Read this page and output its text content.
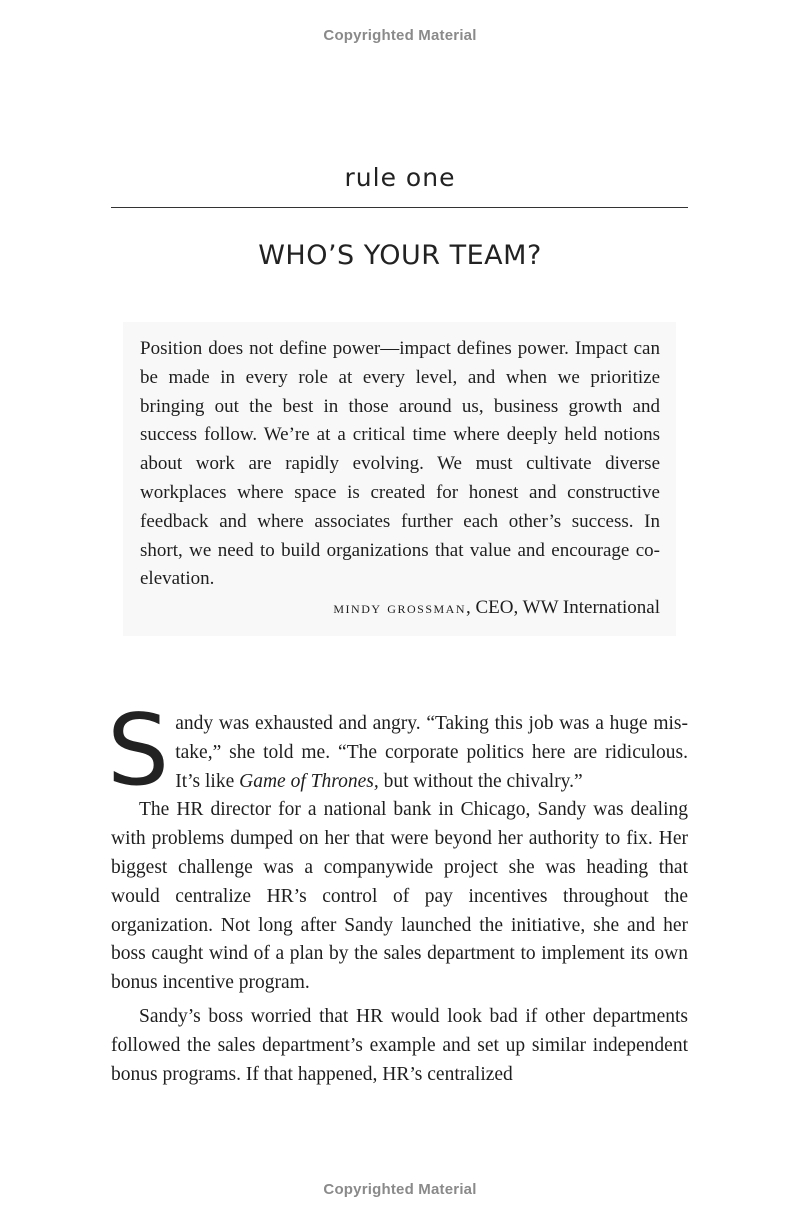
Copyrighted Material
rule one
WHO’S YOUR TEAM?

Position does not define power—impact defines power. Impact can be made in every role at every level, and when we prioritize bringing out the best in those around us, business growth and success follow. We’re at a critical time where deeply held notions about work are rapidly evolving. We must cultivate diverse workplaces where space is created for honest and constructive feedback and where associates further each other’s success. In short, we need to build organizations that value and encourage co-elevation.

mindy grossman, CEO, WW International

Sandy was exhausted and angry. “Taking this job was a huge mistake,” she told me. “The corporate politics here are ridiculous. It’s like Game of Thrones, but without the chivalry.”

The HR director for a national bank in Chicago, Sandy was dealing with problems dumped on her that were beyond her authority to fix. Her biggest challenge was a companywide project she was heading that would centralize HR’s control of pay incentives throughout the organization. Not long after Sandy launched the initiative, she and her boss caught wind of a plan by the sales department to implement its own bonus incentive program.

Sandy’s boss worried that HR would look bad if other departments followed the sales department’s example and set up similar independent bonus programs. If that happened, HR’s centralized

Copyrighted Material
